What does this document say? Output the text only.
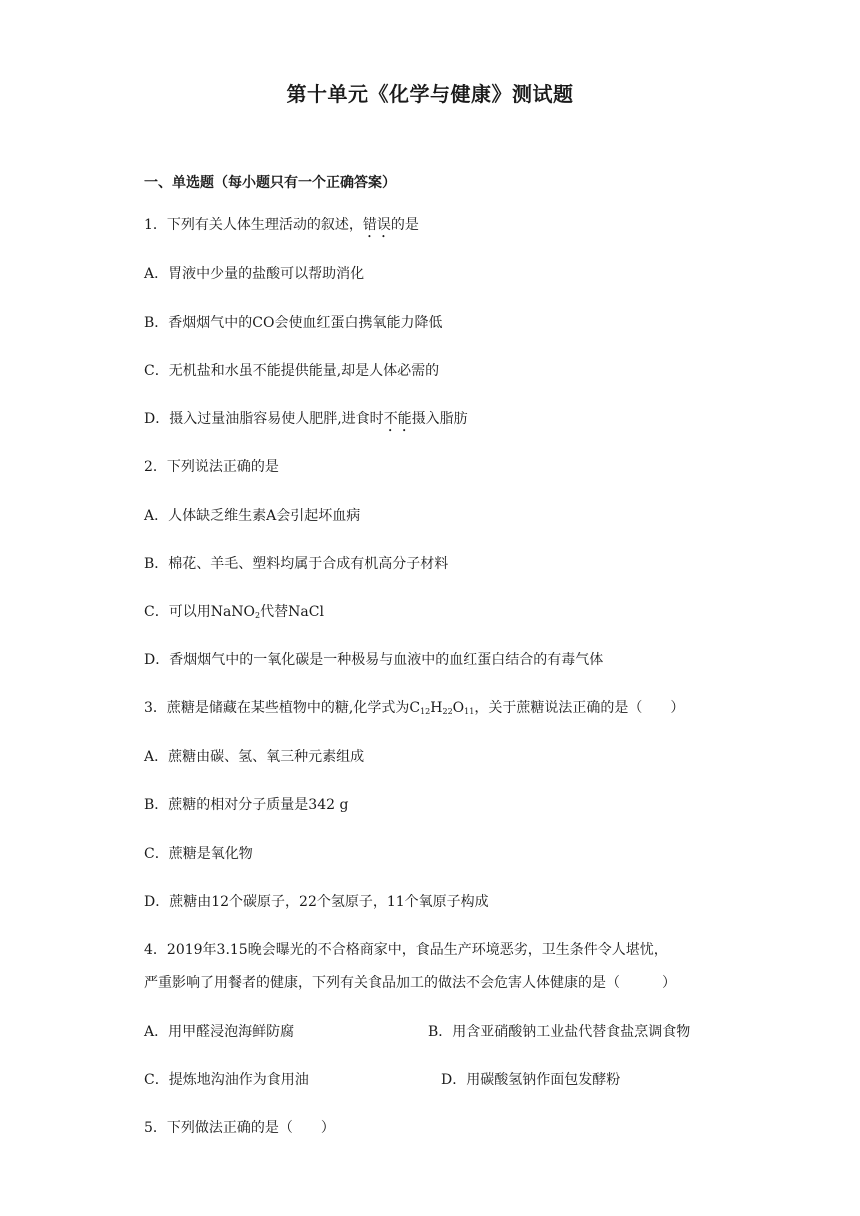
第十单元《化学与健康》测试题
一、单选题（每小题只有一个正确答案）
1．下列有关人体生理活动的叙述，错误的是
A．胃液中少量的盐酸可以帮助消化
B．香烟烟气中的CO会使血红蛋白携氧能力降低
C．无机盐和水虽不能提供能量,却是人体必需的
D．摄入过量油脂容易使人肥胖,进食时不能摄入脂肪
2．下列说法正确的是
A．人体缺乏维生素A会引起坏血病
B．棉花、羊毛、塑料均属于合成有机高分子材料
C．可以用NaNO$_2$代替NaCl
D．香烟烟气中的一氧化碳是一种极易与血液中的血红蛋白结合的有毒气体
3．蔗糖是储藏在某些植物中的糖,化学式为$C_{12}H_{22}O_{11}$，关于蔗糖说法正确的是（　　）
A．蔗糖由碳、氢、氧三种元素组成
B．蔗糖的相对分子质量是342 g
C．蔗糖是氧化物
D．蔗糖由12个碳原子，22个氢原子，11个氧原子构成
4．2019年3.15晚会曝光的不合格商家中，食品生产环境恶劣，卫生条件令人堪忧，
严重影响了用餐者的健康，下列有关食品加工的做法不会危害人体健康的是（　　　）
A．用甲醛浸泡海鲜防腐	B．用含亚硝酸钠工业盐代替食盐烹调食物
C．提炼地沟油作为食用油	D．用碳酸氢钠作面包发酵粉
5．下列做法正确的是（　　）
